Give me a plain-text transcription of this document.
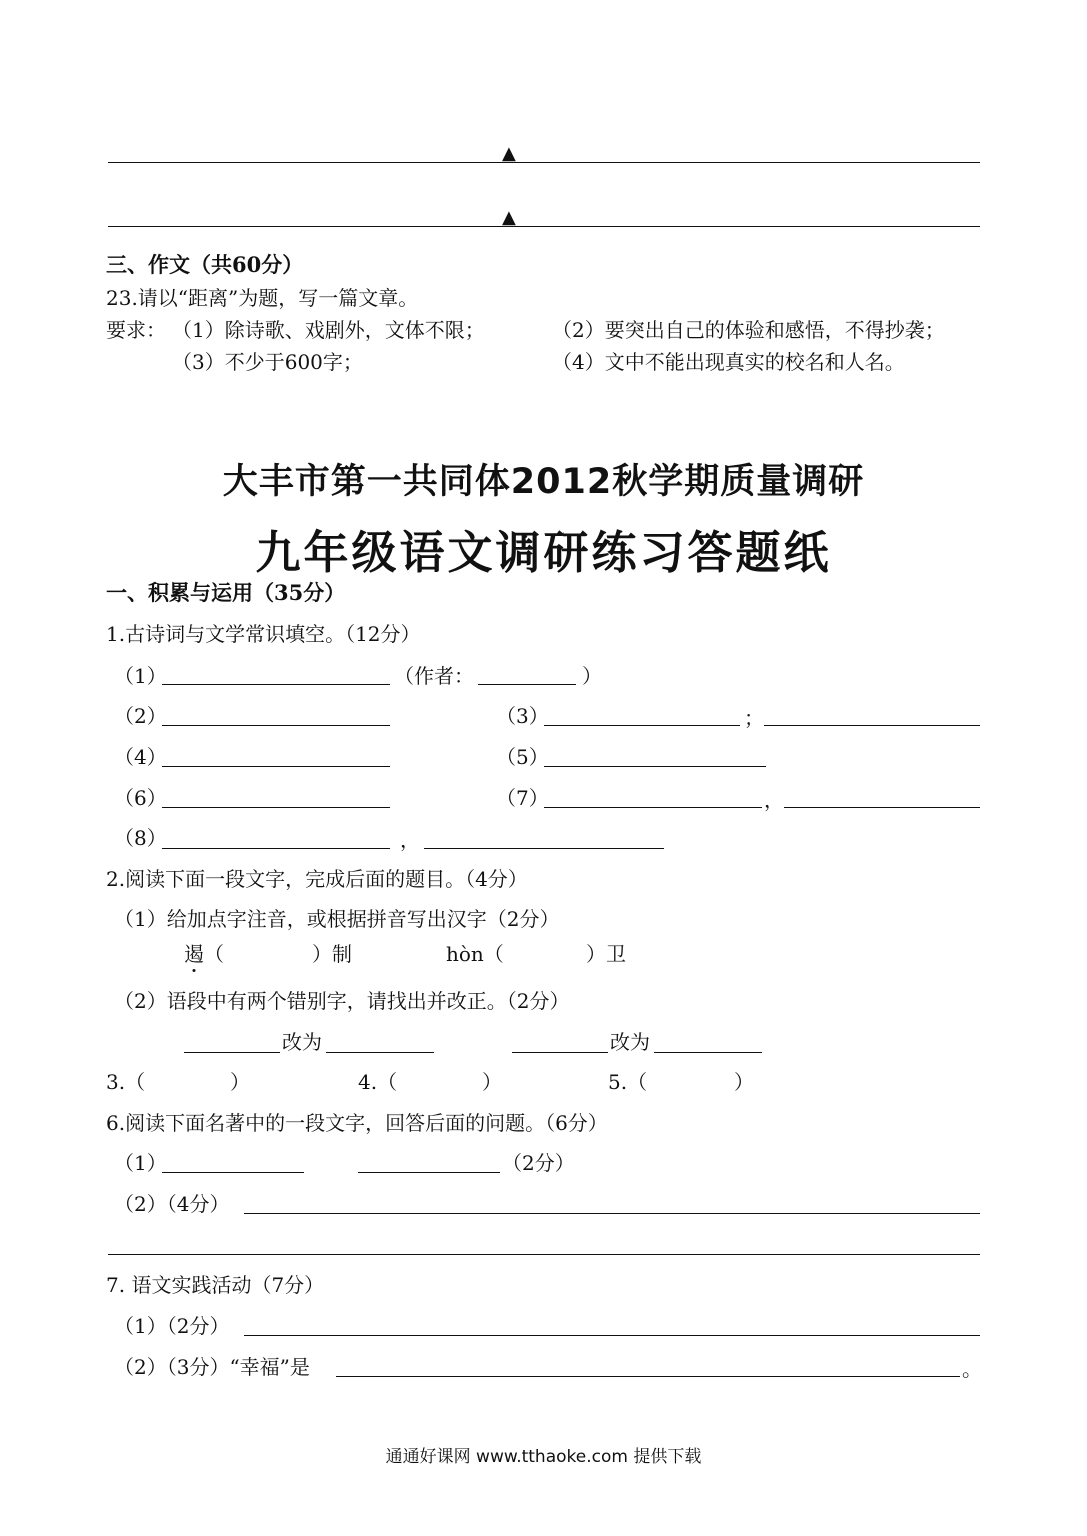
▲
▲
三、作文（共60分）
23.请以“距离”为题，写一篇文章。
要求： （1）除诗歌、戏剧外，文体不限；	（2）要突出自己的体验和感悟，不得抄袭；
（3）不少于600字；	（4）文中不能出现真实的校名和人名。
大丰市第一共同体2012秋学期质量调研
九年级语文调研练习答题纸
一、积累与运用（35分）
1.古诗词与文学常识填空。（12分）
（1）	（作者：	）
（2）	（3）	；
（4）	（5）
（6）	（7）	，
（8）	，
2.阅读下面一段文字，完成后面的题目。（4分）
（1）给加点字注音，或根据拼音写出汉字（2分）
遏 （	）制	hòn（	）卫
（2）语段中有两个错别字，请找出并改正。（2分）
改为	改为
3.（	）	4.（	）	5.（	）
6.阅读下面名著中的一段文字，回答后面的问题。（6分）
（1）	（2分）
（2）（4分）
7. 语文实践活动（7分）
（1）（2分）
（2）（3分）“幸福”是	。
通通好课网 www.tthaoke.com 提供下载
